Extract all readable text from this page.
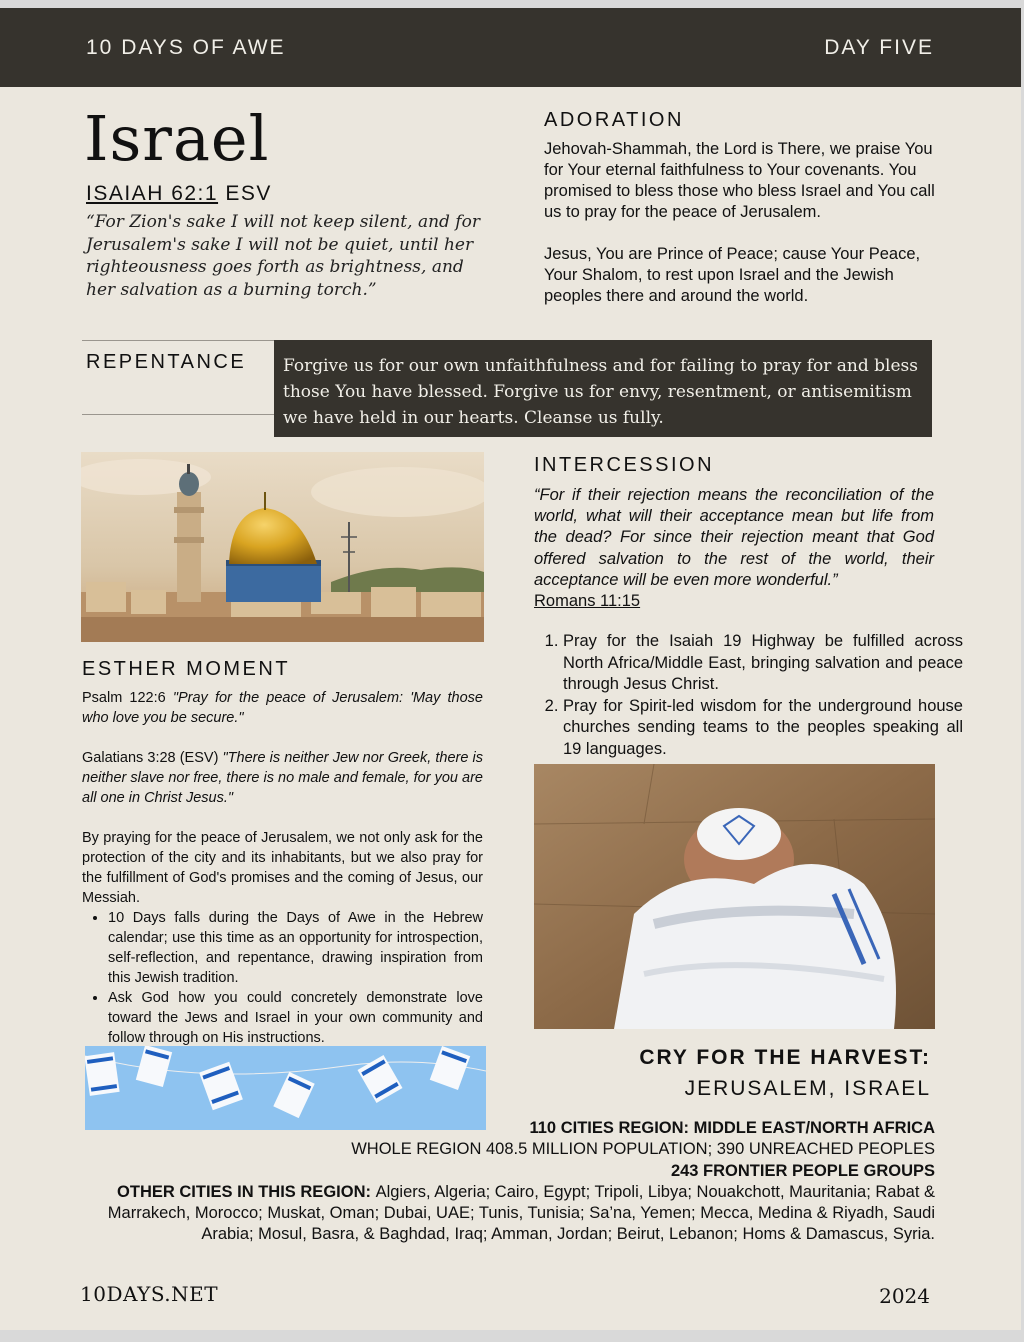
10 DAYS OF AWE	DAY FIVE
Israel
ISAIAH 62:1 ESV
“For Zion's sake I will not keep silent, and for Jerusalem's sake I will not be quiet, until her righteousness goes forth as brightness, and her salvation as a burning torch.”
ADORATION

Jehovah-Shammah, the Lord is There, we praise You for Your eternal faithfulness to Your covenants. You promised to bless those who bless Israel and You call us to pray for the peace of Jerusalem.

Jesus, You are Prince of Peace; cause Your Peace, Your Shalom, to rest upon Israel and the Jewish peoples there and around the world.

REPENTANCE Forgive us for our own unfaithfulness and for failing to pray for and bless those You have blessed. Forgive us for envy, resentment, or antisemitism we have held in our hearts. Cleanse us fully.
ESTHER MOMENT

Psalm 122:6 "Pray for the peace of Jerusalem: 'May those who love you be secure."

Galatians 3:28 (ESV) "There is neither Jew nor Greek, there is neither slave nor free, there is no male and female, for you are all one in Christ Jesus."

By praying for the peace of Jerusalem, we not only ask for the protection of the city and its inhabitants, but we also pray for the fulfillment of God's promises and the coming of Jesus, our Messiah.

• 10 Days falls during the Days of Awe in the Hebrew calendar; use this time as an opportunity for introspection, self-reflection, and repentance, drawing inspiration from this Jewish tradition.
• Ask God how you could concretely demonstrate love toward the Jews and Israel in your own community and follow through on His instructions.
INTERCESSION
“For if their rejection means the reconciliation of the world, what will their acceptance mean but life from the dead? For since their rejection meant that God offered salvation to the rest of the world, their acceptance will be even more wonderful.”
Romans 11:15
1. Pray for the Isaiah 19 Highway be fulfilled across North Africa/Middle East, bringing salvation and peace through Jesus Christ.
2. Pray for Spirit-led wisdom for the underground house churches sending teams to the peoples speaking all 19 languages.
CRY FOR THE HARVEST:
JERUSALEM, ISRAEL
110 CITIES REGION: MIDDLE EAST/NORTH AFRICA
WHOLE REGION 408.5 MILLION POPULATION; 390 UNREACHED PEOPLES
243 FRONTIER PEOPLE GROUPS
OTHER CITIES IN THIS REGION: Algiers, Algeria; Cairo, Egypt; Tripoli, Libya; Nouakchott, Mauritania; Rabat & Marrakech, Morocco; Muskat, Oman; Dubai, UAE; Tunis, Tunisia; Sa’na, Yemen; Mecca, Medina & Riyadh, Saudi Arabia; Mosul, Basra, & Baghdad, Iraq; Amman, Jordan; Beirut, Lebanon; Homs & Damascus, Syria.
10DAYS.NET	2024
